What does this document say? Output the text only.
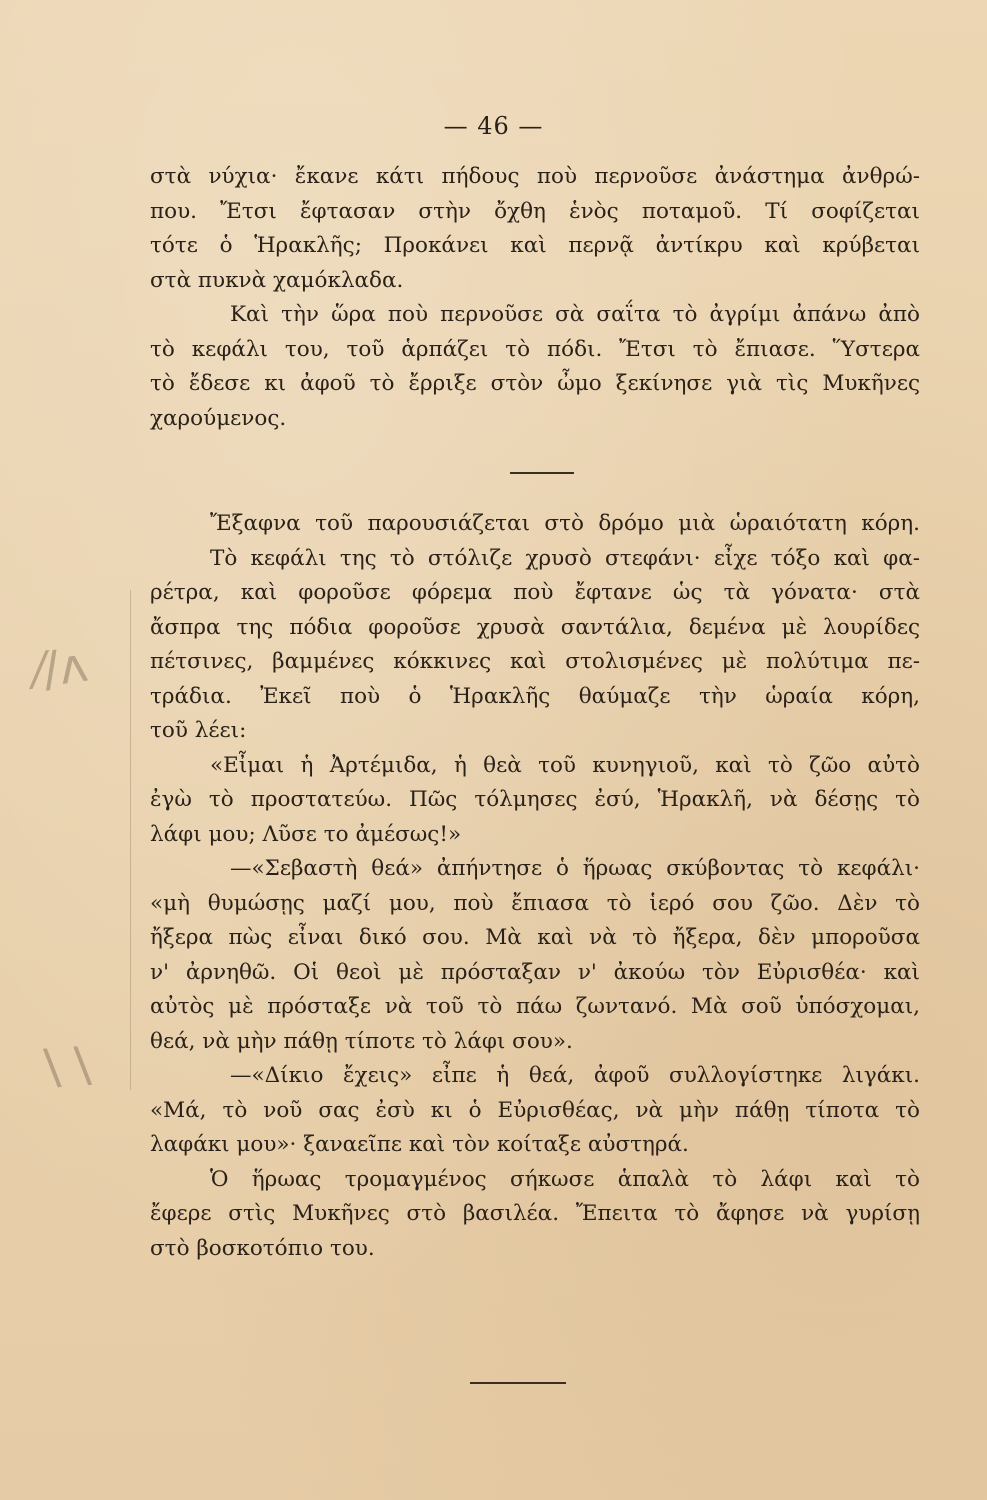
— 46 —
στὰ νύχια· ἔκανε κάτι πήδους ποὺ περνοῦσε ἀνάστημα ἀνθρώ-
που. Ἔτσι ἔφτασαν στὴν ὄχθη ἑνὸς ποταμοῦ. Τί σοφίζεται
τότε ὁ Ἡρακλῆς; Προκάνει καὶ περνᾷ ἀντίκρυ καὶ κρύβεται
στὰ πυκνὰ χαμόκλαδα.
Καὶ τὴν ὥρα ποὺ περνοῦσε σὰ σαΐτα τὸ ἀγρίμι ἀπάνω ἀπὸ
τὸ κεφάλι του, τοῦ ἁρπάζει τὸ πόδι. Ἔτσι τὸ ἔπιασε. Ὕστερα
τὸ ἔδεσε κι ἀφοῦ τὸ ἔρριξε στὸν ὦμο ξεκίνησε γιὰ τὶς Μυκῆνες
χαρούμενος.
Ἔξαφνα τοῦ παρουσιάζεται στὸ δρόμο μιὰ ὡραιότατη κόρη.
Τὸ κεφάλι της τὸ στόλιζε χρυσὸ στεφάνι· εἶχε τόξο καὶ φα-
ρέτρα, καὶ φοροῦσε φόρεμα ποὺ ἔφτανε ὡς τὰ γόνατα· στὰ
ἄσπρα της πόδια φοροῦσε χρυσὰ σαντάλια, δεμένα μὲ λουρίδες
πέτσινες, βαμμένες κόκκινες καὶ στολισμένες μὲ πολύτιμα πε-
τράδια. Ἐκεῖ ποὺ ὁ Ἡρακλῆς θαύμαζε τὴν ὡραία κόρη,
τοῦ λέει:
«Εἶμαι ἡ Ἀρτέμιδα, ἡ θεὰ τοῦ κυνηγιοῦ, καὶ τὸ ζῶο αὐτὸ
ἐγὼ τὸ προστατεύω. Πῶς τόλμησες ἐσύ, Ἡρακλῆ, νὰ δέσῃς τὸ
λάφι μου; Λῦσε το ἀμέσως!»
—«Σεβαστὴ θεά» ἀπήντησε ὁ ἥρωας σκύβοντας τὸ κεφάλι·
«μὴ θυμώσῃς μαζί μου, ποὺ ἔπιασα τὸ ἱερό σου ζῶο. Δὲν τὸ
ἤξερα πὼς εἶναι δικό σου. Μὰ καὶ νὰ τὸ ἤξερα, δὲν μποροῦσα
ν' ἀρνηθῶ. Οἱ θεοὶ μὲ πρόσταξαν ν' ἀκούω τὸν Εὐρισθέα· καὶ
αὐτὸς μὲ πρόσταξε νὰ τοῦ τὸ πάω ζωντανό. Μὰ σοῦ ὑπόσχομαι,
θεά, νὰ μὴν πάθῃ τίποτε τὸ λάφι σου».
—«Δίκιο ἔχεις» εἶπε ἡ θεά, ἀφοῦ συλλογίστηκε λιγάκι.
«Μά, τὸ νοῦ σας ἐσὺ κι ὁ Εὐρισθέας, νὰ μὴν πάθῃ τίποτα τὸ
λαφάκι μου»· ξαναεῖπε καὶ τὸν κοίταξε αὐστηρά.
Ὁ ἥρωας τρομαγμένος σήκωσε ἁπαλὰ τὸ λάφι καὶ τὸ
ἔφερε στὶς Μυκῆνες στὸ βασιλέα. Ἔπειτα τὸ ἄφησε νὰ γυρίσῃ
στὸ βοσκοτόπιο του.
⁄∕ʌ
∖∖
